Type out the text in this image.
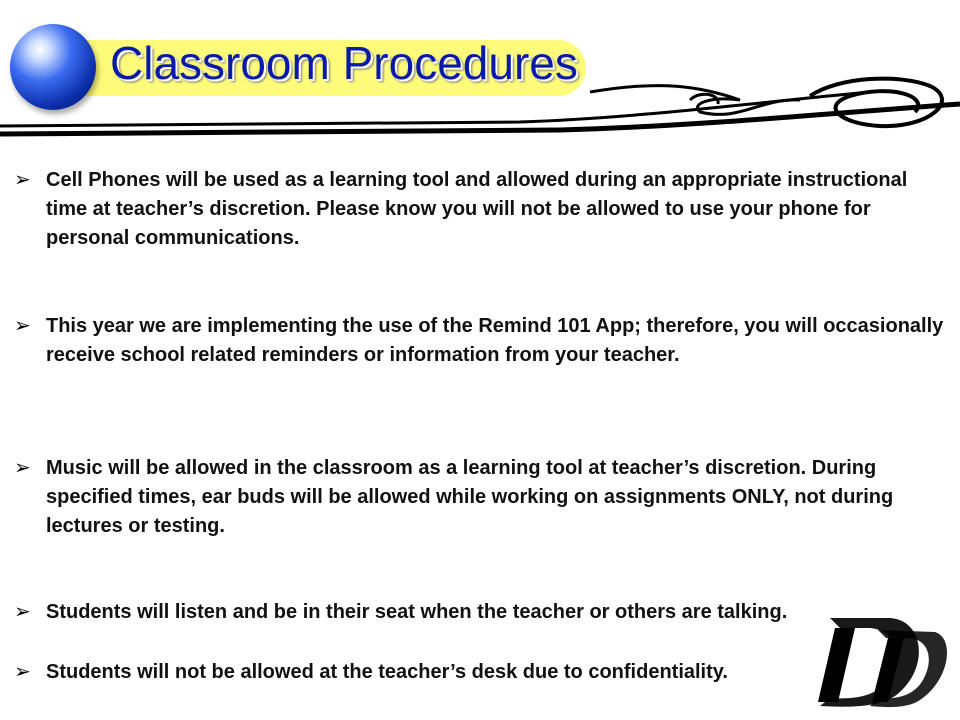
Classroom Procedures
➢ Cell Phones will be used as a learning tool and allowed during an appropriate instructional time at teacher’s discretion. Please know you will not be allowed to use your phone for personal communications.
➢ This year we are implementing the use of the Remind 101 App; therefore, you will occasionally receive school related reminders or information from your teacher.
➢ Music will be allowed in the classroom as a learning tool at teacher’s discretion. During specified times, ear buds will be allowed while working on assignments ONLY, not during lectures or testing.
➢ Students will listen and be in their seat when the teacher or others are talking.
➢ Students will not be allowed at the teacher’s desk due to confidentiality.
